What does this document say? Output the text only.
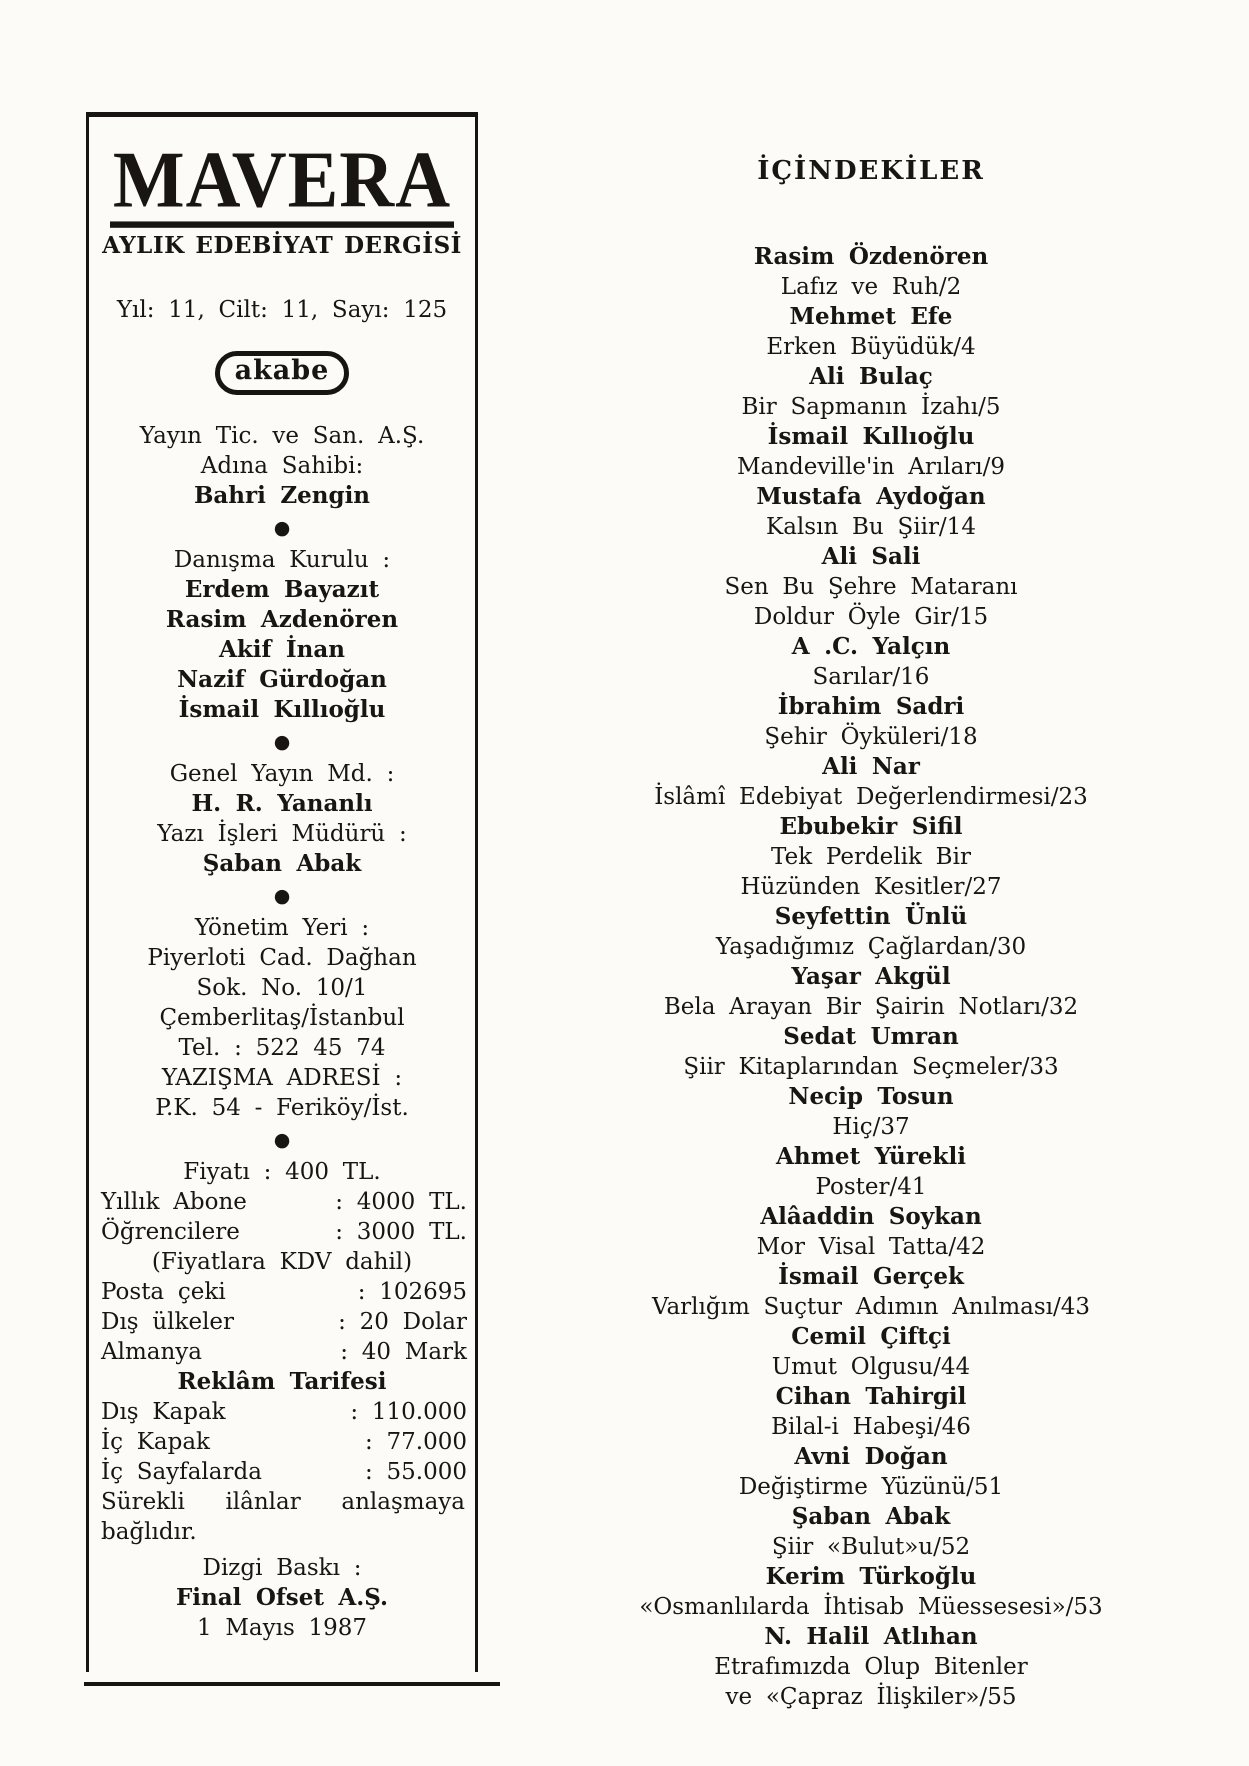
MAVERA
AYLIK EDEBİYAT DERGİSİ
Yıl: 11, Cilt: 11, Sayı: 125
akabe
Yayın Tic. ve San. A.Ş.
Adına Sahibi:
Bahri Zengin
●
Danışma Kurulu :
Erdem Bayazıt
Rasim Azdenören
Akif İnan
Nazif Gürdoğan
İsmail Kıllıoğlu
●
Genel Yayın Md. :
H. R. Yananlı
Yazı İşleri Müdürü :
Şaban Abak
●
Yönetim Yeri :
Piyerloti Cad. Dağhan
Sok. No. 10/1
Çemberlitaş/İstanbul
Tel. : 522 45 74
YAZIŞMA ADRESİ :
P.K. 54 - Feriköy/İst.
●
Fiyatı : 400 TL.
Yıllık Abone	: 4000 TL.
Öğrencilere	: 3000 TL.
(Fiyatlara KDV dahil)
Posta çeki	: 102695
Dış ülkeler	: 20 Dolar
Almanya	: 40 Mark
Reklâm Tarifesi
Dış Kapak	: 110.000
İç Kapak	: 77.000
İç Sayfalarda	: 55.000
Sürekli ilânlar anlaşmaya bağlıdır.
Dizgi Baskı :
Final Ofset A.Ş.
1 Mayıs 1987
İÇİNDEKİLER
Rasim Özdenören
Lafız ve Ruh/2
Mehmet Efe
Erken Büyüdük/4
Ali Bulaç
Bir Sapmanın İzahı/5
İsmail Kıllıoğlu
Mandeville'in Arıları/9
Mustafa Aydoğan
Kalsın Bu Şiir/14
Ali Sali
Sen Bu Şehre Mataranı
Doldur Öyle Gir/15
A .C. Yalçın
Sarılar/16
İbrahim Sadri
Şehir Öyküleri/18
Ali Nar
İslâmî Edebiyat Değerlendirmesi/23
Ebubekir Sifil
Tek Perdelik Bir
Hüzünden Kesitler/27
Seyfettin Ünlü
Yaşadığımız Çağlardan/30
Yaşar Akgül
Bela Arayan Bir Şairin Notları/32
Sedat Umran
Şiir Kitaplarından Seçmeler/33
Necip Tosun
Hiç/37
Ahmet Yürekli
Poster/41
Alâaddin Soykan
Mor Visal Tatta/42
İsmail Gerçek
Varlığım Suçtur Adımın Anılması/43
Cemil Çiftçi
Umut Olgusu/44
Cihan Tahirgil
Bilal-i Habeşi/46
Avni Doğan
Değiştirme Yüzünü/51
Şaban Abak
Şiir «Bulut»u/52
Kerim Türkoğlu
«Osmanlılarda İhtisab Müessesesi»/53
N. Halil Atlıhan
Etrafımızda Olup Bitenler
ve «Çapraz İlişkiler»/55
